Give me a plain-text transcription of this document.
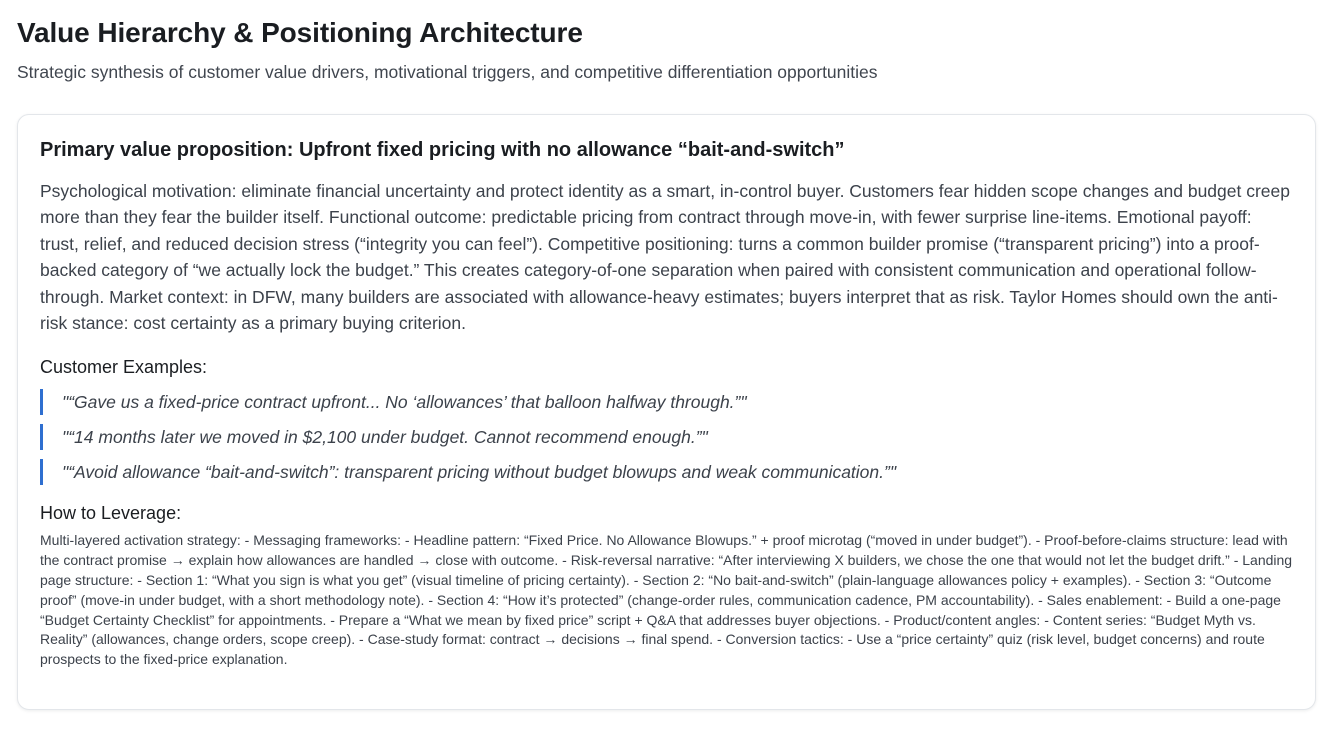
Value Hierarchy & Positioning Architecture

Strategic synthesis of customer value drivers, motivational triggers, and competitive differentiation opportunities

Primary value proposition: Upfront fixed pricing with no allowance “bait-and-switch”

Psychological motivation: eliminate financial uncertainty and protect identity as a smart, in-control buyer. Customers fear hidden scope changes and budget creep more than they fear the builder itself. Functional outcome: predictable pricing from contract through move-in, with fewer surprise line-items. Emotional payoff: trust, relief, and reduced decision stress (“integrity you can feel”). Competitive positioning: turns a common builder promise (“transparent pricing”) into a proof-backed category of “we actually lock the budget.” This creates category-of-one separation when paired with consistent communication and operational follow-through. Market context: in DFW, many builders are associated with allowance-heavy estimates; buyers interpret that as risk. Taylor Homes should own the anti-risk stance: cost certainty as a primary buying criterion.

Customer Examples:
"“Gave us a fixed-price contract upfront... No ‘allowances’ that balloon halfway through.”"
"“14 months later we moved in $2,100 under budget. Cannot recommend enough.”"
"“Avoid allowance “bait-and-switch”: transparent pricing without budget blowups and weak communication.”"
How to Leverage:

Multi-layered activation strategy: - Messaging frameworks: - Headline pattern: “Fixed Price. No Allowance Blowups.” + proof microtag (“moved in under budget”). - Proof-before-claims structure: lead with the contract promise → explain how allowances are handled → close with outcome. - Risk-reversal narrative: “After interviewing X builders, we chose the one that would not let the budget drift.” - Landing page structure: - Section 1: “What you sign is what you get” (visual timeline of pricing certainty). - Section 2: “No bait-and-switch” (plain-language allowances policy + examples). - Section 3: “Outcome proof” (move-in under budget, with a short methodology note). - Section 4: “How it’s protected” (change-order rules, communication cadence, PM accountability). - Sales enablement: - Build a one-page “Budget Certainty Checklist” for appointments. - Prepare a “What we mean by fixed price” script + Q&A that addresses buyer objections. - Product/content angles: - Content series: “Budget Myth vs. Reality” (allowances, change orders, scope creep). - Case-study format: contract → decisions → final spend. - Conversion tactics: - Use a “price certainty” quiz (risk level, budget concerns) and route prospects to the fixed-price explanation.
